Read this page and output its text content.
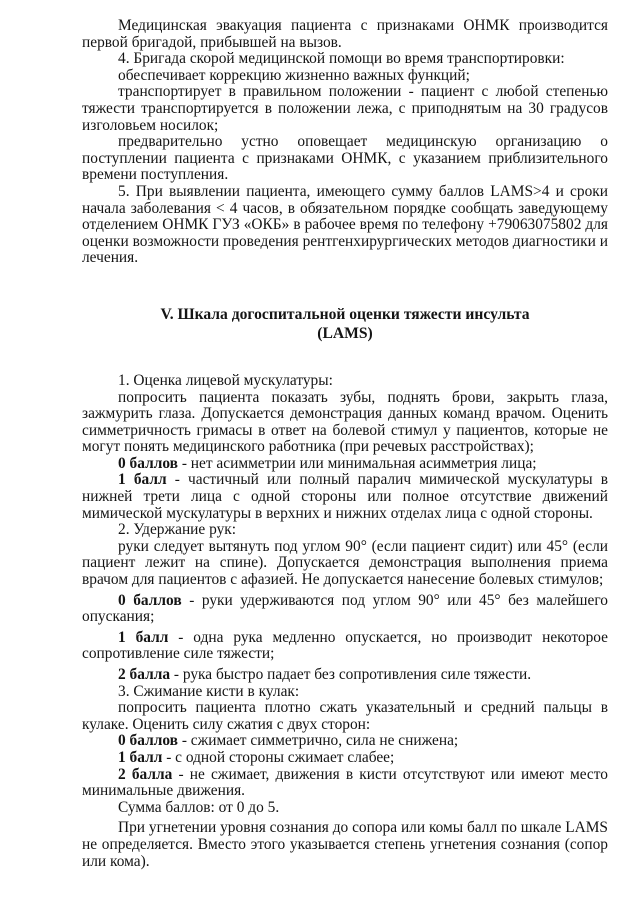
Медицинская эвакуация пациента с признаками ОНМК производится первой бригадой, прибывшей на вызов.

4. Бригада скорой медицинской помощи во время транспортировки:

обеспечивает коррекцию жизненно важных функций;

транспортирует в правильном положении - пациент с любой степенью тяжести транспортируется в положении лежа, с приподнятым на 30 градусов изголовьем носилок;

предварительно устно оповещает медицинскую организацию о поступлении пациента с признаками ОНМК, с указанием приблизительного времени поступления.

5. При выявлении пациента, имеющего сумму баллов LAMS>4 и сроки начала заболевания < 4 часов, в обязательном порядке сообщать заведующему отделением ОНМК ГУЗ «ОКБ» в рабочее время по телефону +79063075802 для оценки возможности проведения рентгенхирургических методов диагностики и лечения.

V. Шкала догоспитальной оценки тяжести инсульта
(LAMS)

1. Оценка лицевой мускулатуры:

попросить пациента показать зубы, поднять брови, закрыть глаза, зажмурить глаза. Допускается демонстрация данных команд врачом. Оценить симметричность гримасы в ответ на болевой стимул у пациентов, которые не могут понять медицинского работника (при речевых расстройствах);

0 баллов - нет асимметрии или минимальная асимметрия лица;

1 балл - частичный или полный паралич мимической мускулатуры в нижней трети лица с одной стороны или полное отсутствие движений мимической мускулатуры в верхних и нижних отделах лица с одной стороны.

2. Удержание рук:

руки следует вытянуть под углом 90° (если пациент сидит) или 45° (если пациент лежит на спине). Допускается демонстрация выполнения приема врачом для пациентов с афазией. Не допускается нанесение болевых стимулов;

0 баллов - руки удерживаются под углом 90° или 45° без малейшего опускания;

1 балл - одна рука медленно опускается, но производит некоторое сопротивление силе тяжести;

2 балла - рука быстро падает без сопротивления силе тяжести.

3. Сжимание кисти в кулак:

попросить пациента плотно сжать указательный и средний пальцы в кулаке. Оценить силу сжатия с двух сторон:

0 баллов - сжимает симметрично, сила не снижена;

1 балл - с одной стороны сжимает слабее;

2 балла - не сжимает, движения в кисти отсутствуют или имеют место минимальные движения.

Сумма баллов: от 0 до 5.

При угнетении уровня сознания до сопора или комы балл по шкале LAMS не определяется. Вместо этого указывается степень угнетения сознания (сопор или кома).
